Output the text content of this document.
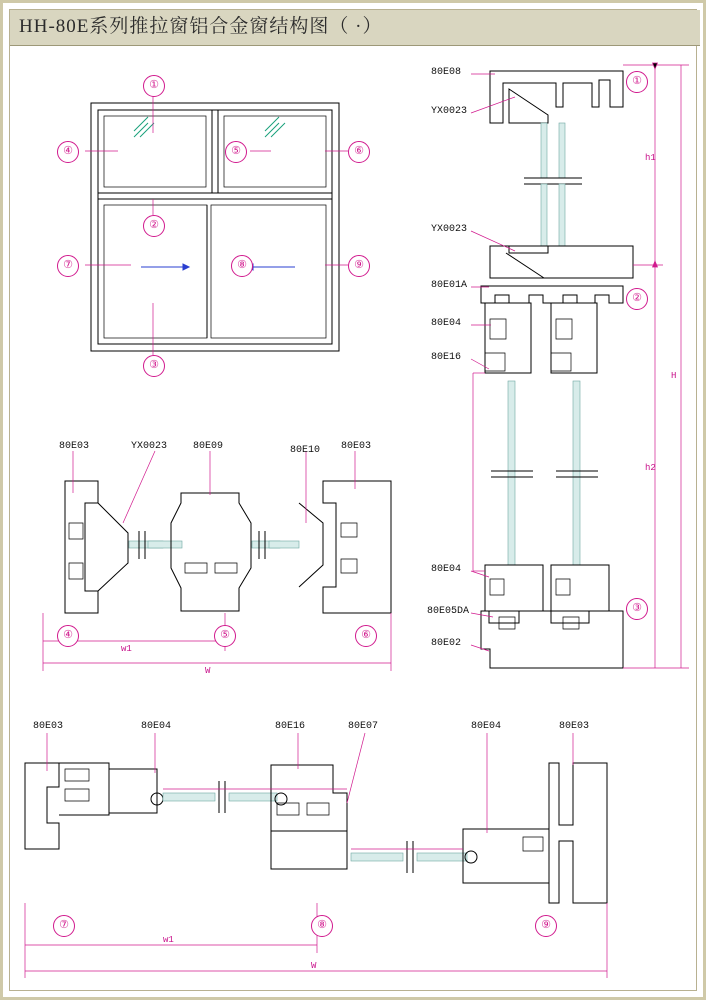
HH-80E系列推拉窗铝合金窗结构图（ ·）
①
②
③
④	⑤	⑥
⑦	⑧	⑨
①
②
③
80E08
YX0023
YX0023
80E01A
80E04
80E16
80E04
80E05DA
80E02
h1
h2
H
80E03	YX0023	80E09	80E10 80E03
④	⑤	⑥
w1
W
80E03	80E04	80E16	80E07	80E04	80E03
⑦	⑧	⑨
w1
W
